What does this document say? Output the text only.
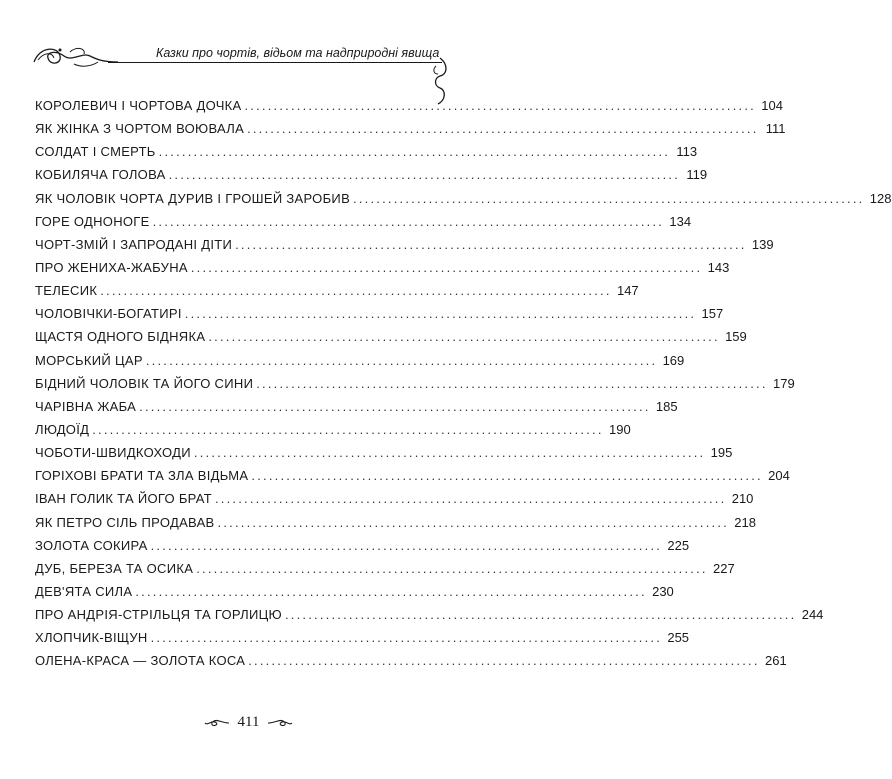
Казки про чортів, відьом та надприродні явища
КОРОЛЕВИЧ І ЧОРТОВА ДОЧКА ........................................................................................ 104
ЯК ЖІНКА З ЧОРТОМ ВОЮВАЛА ........................................................................................ 111
СОЛДАТ І СМЕРТЬ ........................................................................................ 113
КОБИЛЯЧА ГОЛОВА ........................................................................................ 119
ЯК ЧОЛОВІК ЧОРТА ДУРИВ І ГРОШЕЙ ЗАРОБИВ ........................................................................................ 128
ГОРЕ ОДНОНОГЕ ........................................................................................ 134
ЧОРТ-ЗМІЙ І ЗАПРОДАНІ ДІТИ ........................................................................................ 139
ПРО ЖЕНИХА-ЖАБУНА ........................................................................................ 143
ТЕЛЕСИК ........................................................................................ 147
ЧОЛОВІЧКИ-БОГАТИРІ ........................................................................................ 157
ЩАСТЯ ОДНОГО БІДНЯКА ........................................................................................ 159
МОРСЬКИЙ ЦАР ........................................................................................ 169
БІДНИЙ ЧОЛОВІК ТА ЙОГО СИНИ ........................................................................................ 179
ЧАРІВНА ЖАБА ........................................................................................ 185
ЛЮДОЇД ........................................................................................ 190
ЧОБОТИ-ШВИДКОХОДИ ........................................................................................ 195
ГОРІХОВІ БРАТИ ТА ЗЛА ВІДЬМА ........................................................................................ 204
ІВАН ГОЛИК ТА ЙОГО БРАТ ........................................................................................ 210
ЯК ПЕТРО СІЛЬ ПРОДАВАВ ........................................................................................ 218
ЗОЛОТА СОКИРА ........................................................................................ 225
ДУБ, БЕРЕЗА ТА ОСИКА ........................................................................................ 227
ДЕВ'ЯТА СИЛА ........................................................................................ 230
ПРО АНДРІЯ-СТРІЛЬЦЯ ТА ГОРЛИЦЮ ........................................................................................ 244
ХЛОПЧИК-ВІЩУН ........................................................................................ 255
ОЛЕНА-КРАСА — ЗОЛОТА КОСА ........................................................................................ 261
411
